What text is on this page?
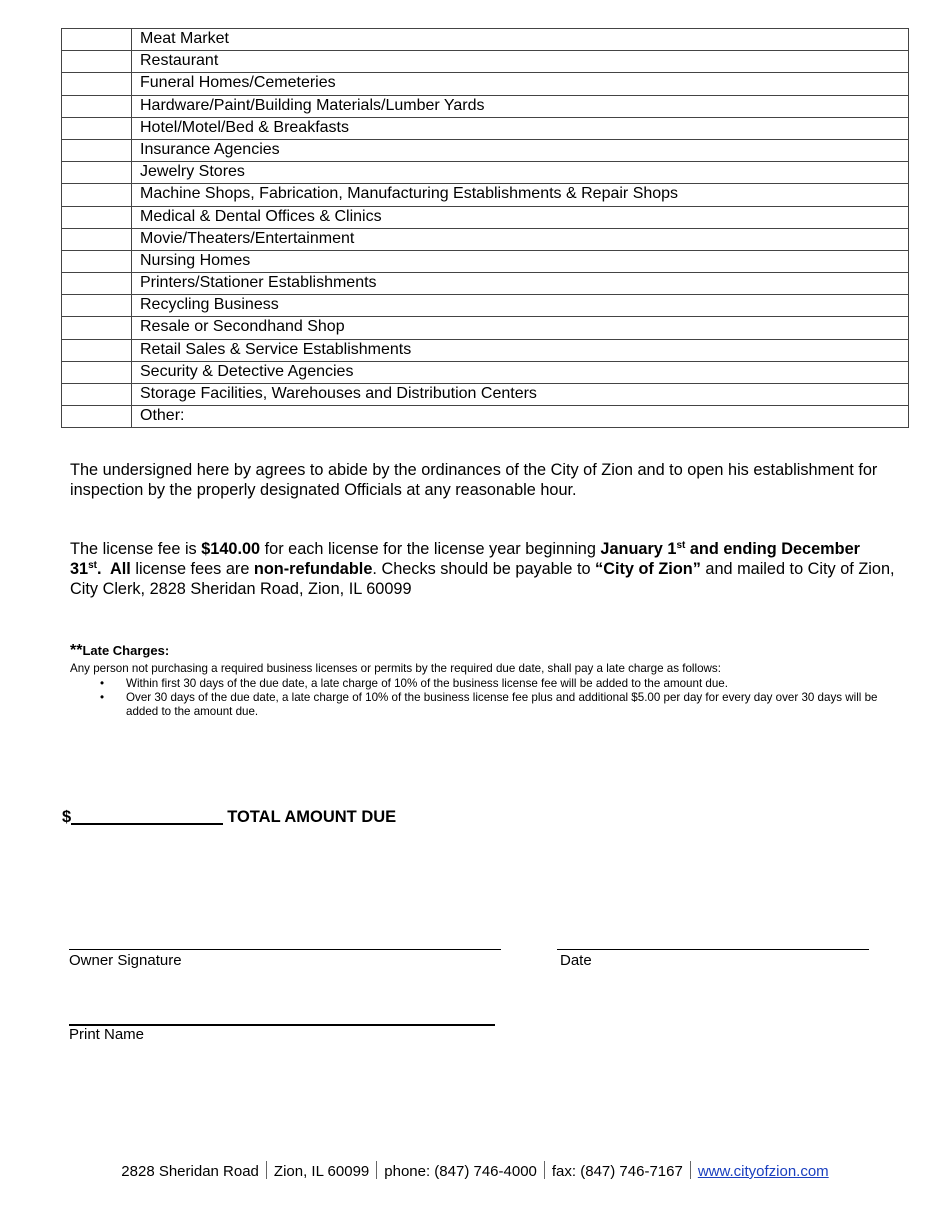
	Meat Market
	Restaurant
	Funeral Homes/Cemeteries
	Hardware/Paint/Building Materials/Lumber Yards
	Hotel/Motel/Bed & Breakfasts
	Insurance Agencies
	Jewelry Stores
	Machine Shops, Fabrication, Manufacturing Establishments & Repair Shops
	Medical & Dental Offices & Clinics
	Movie/Theaters/Entertainment
	Nursing Homes
	Printers/Stationer Establishments
	Recycling Business
	Resale or Secondhand Shop
	Retail Sales & Service Establishments
	Security & Detective Agencies
	Storage Facilities, Warehouses and Distribution Centers
	Other:

The undersigned here by agrees to abide by the ordinances of the City of Zion and to open his establishment for inspection by the properly designated Officials at any reasonable hour.

The license fee is $140.00 for each license for the license year beginning January 1st and ending December 31st.  All license fees are non-refundable. Checks should be payable to “City of Zion” and mailed to City of Zion, City Clerk, 2828 Sheridan Road, Zion, IL 60099

**Late Charges:
Any person not purchasing a required business licenses or permits by the required due date, shall pay a late charge as follows:
• Within first 30 days of the due date, a late charge of 10% of the business license fee will be added to the amount due.
• Over 30 days of the due date, a late charge of 10% of the business license fee plus and additional $5.00 per day for every day over 30 days will be added to the amount due.
$	TOTAL AMOUNT DUE
Owner Signature	Date
Print Name
2828 Sheridan Road Zion, IL 60099 phone: (847) 746-4000 fax: (847) 746-7167 www.cityofzion.com
